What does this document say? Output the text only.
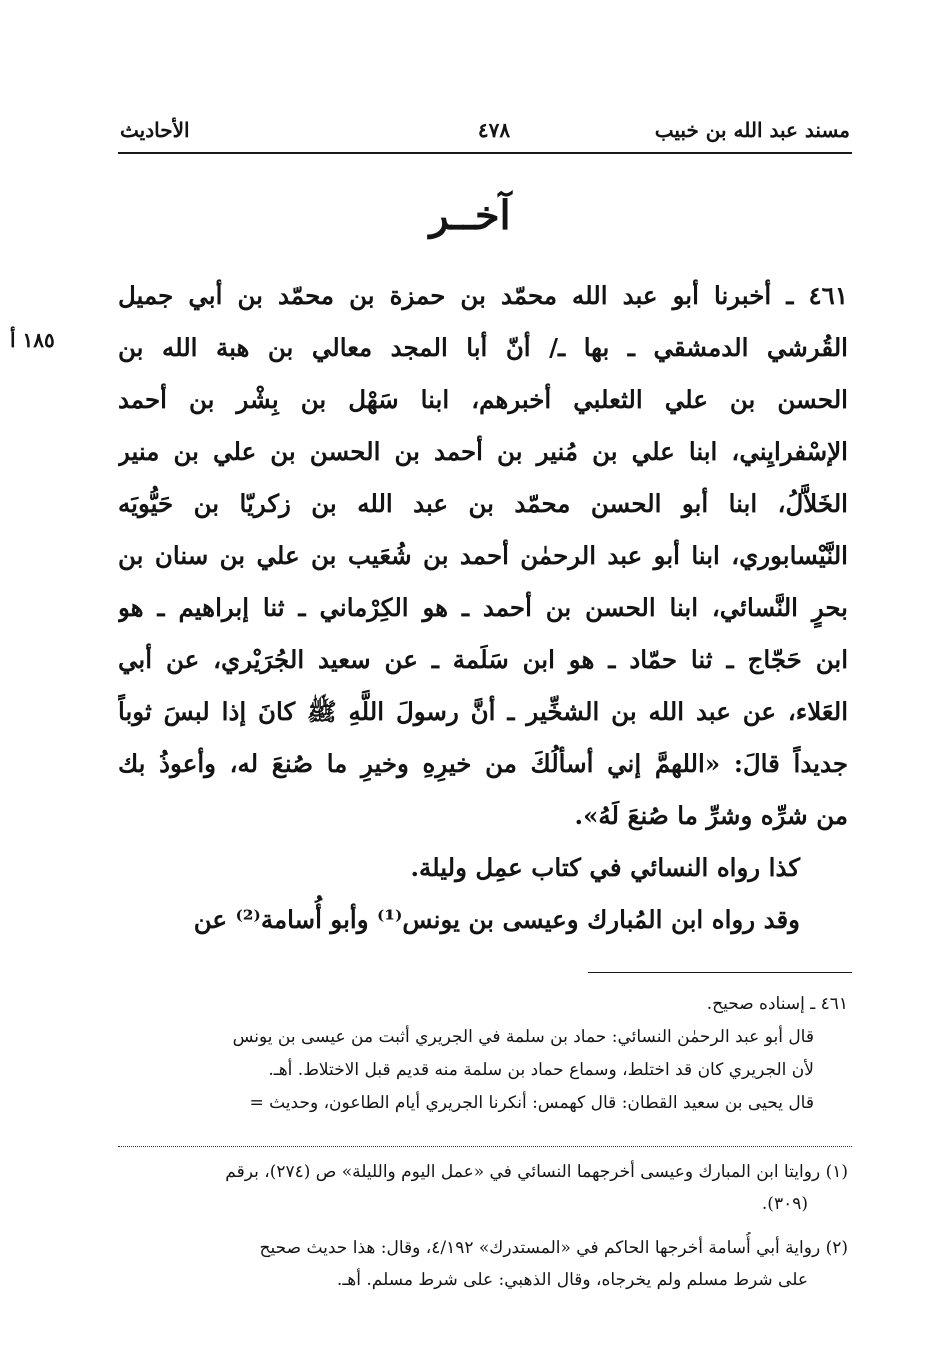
مسند عبد الله بن خبيب
٤٧٨
الأحاديث
آخــر
١٨٥ أ
٤٦١ ـ أخبرنا أبو عبد الله محمّد بن حمزة بن محمّد بن أبي جميل
القُرشي الدمشقي ـ بها ـ/ أنّ أبا المجد معالي بن هبة الله بن
الحسن بن علي الثعلبي أخبرهم، ابنا سَهْل بن بِشْر بن أحمد
الإسْفرايِني، ابنا علي بن مُنير بن أحمد بن الحسن بن علي بن منير
الخَلاَّلُ، ابنا أبو الحسن محمّد بن عبد الله بن زكريّا بن حَيُّويَه
النَّيْسابوري، ابنا أبو عبد الرحمٰن أحمد بن شُعَيب بن علي بن سنان بن
بحرٍ النَّسائي، ابنا الحسن بن أحمد ـ هو الكِرْماني ـ ثنا إبراهيم ـ هو
ابن حَجّاج ـ ثنا حمّاد ـ هو ابن سَلَمة ـ عن سعيد الجُرَيْري، عن أبي
العَلاء، عن عبد الله بن الشخِّير ـ أنَّ رسولَ اللَّهِ ﷺ كانَ إذا لبسَ ثوباً
جديداً قالَ: «اللهمَّ إني أسألُكَ من خيرِهِ وخيرِ ما صُنعَ له، وأعوذُ بك
من شرِّه وشرِّ ما صُنعَ لَهُ».
كذا رواه النسائي في كتاب عمِل وليلة.
وقد رواه ابن المُبارك وعيسى بن يونس⁽¹⁾ وأبو أُسامة⁽²⁾ عن
٤٦١ ـ إسناده صحيح.
قال أبو عبد الرحمٰن النسائي: حماد بن سلمة في الجريري أثبت من عيسى بن يونس
لأن الجريري كان قد اختلط، وسماع حماد بن سلمة منه قديم قبل الاختلاط. أهـ.
قال يحيى بن سعيد القطان: قال كهمس: أنكرنا الجريري أيام الطاعون، وحديث =
(١) روايتا ابن المبارك وعيسى أخرجهما النسائي في «عمل اليوم والليلة» ص (٢٧٤)، برقم
(٣٠٩).
(٢) رواية أبي أُسامة أخرجها الحاكم في «المستدرك» ٤/١٩٢، وقال: هذا حديث صحيح
على شرط مسلم ولم يخرجاه، وقال الذهبي: على شرط مسلم. أهـ.
